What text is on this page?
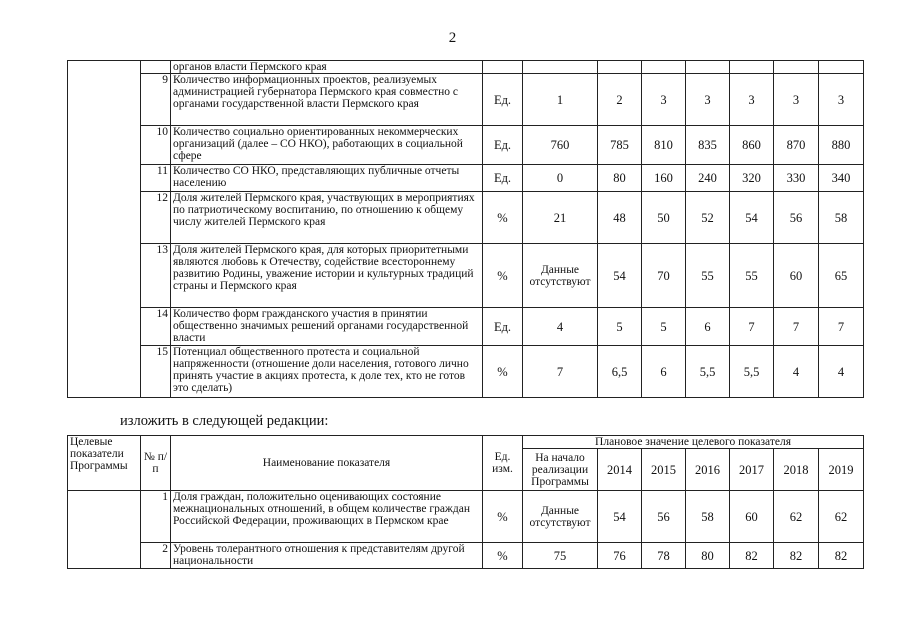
2
		органов власти Пермского края								
	9	Количество информационных проектов, реализуемых администрацией губернатора Пермского края совместно с органами государственной власти Пермского края	Ед.	1	2	3	3	3	3	3
	10	Количество социально ориентированных некоммерческих организаций (далее – СО НКО), работающих в социальной сфере	Ед.	760	785	810	835	860	870	880
	11	Количество СО НКО, представляющих публичные отчеты населению	Ед.	0	80	160	240	320	330	340
	12	Доля жителей Пермского края, участвующих в мероприятиях по патриотическому воспитанию, по отношению к общему числу жителей Пермского края	%	21	48	50	52	54	56	58
	13	Доля жителей Пермского края, для которых приоритетными являются любовь к Отечеству, содействие всестороннему развитию Родины, уважение истории и культурных традиций страны и Пермского края	%	Данные отсутствуют	54	70	55	55	60	65
	14	Количество форм гражданского участия в принятии общественно значимых решений органами государственной власти	Ед.	4	5	5	6	7	7	7
	15	Потенциал общественного протеста и социальной напряженности (отношение доли населения, готового лично принять участие в акциях протеста, к доле тех, кто не готов это сделать)	%	7	6,5	6	5,5	5,5	4	4
изложить в следующей редакции:
Целевые показатели Программы	№ п/п	Наименование показателя	Ед. изм.	Плановое значение целевого показателя						
				На начало реализации Программы	2014	2015	2016	2017	2018	2019
	1	Доля граждан, положительно оценивающих состояние межнациональных отношений, в общем количестве граждан Российской Федерации, проживающих в Пермском крае	%	Данные отсутствуют	54	56	58	60	62	62
	2	Уровень толерантного отношения к представителям другой национальности	%	75	76	78	80	82	82	82
